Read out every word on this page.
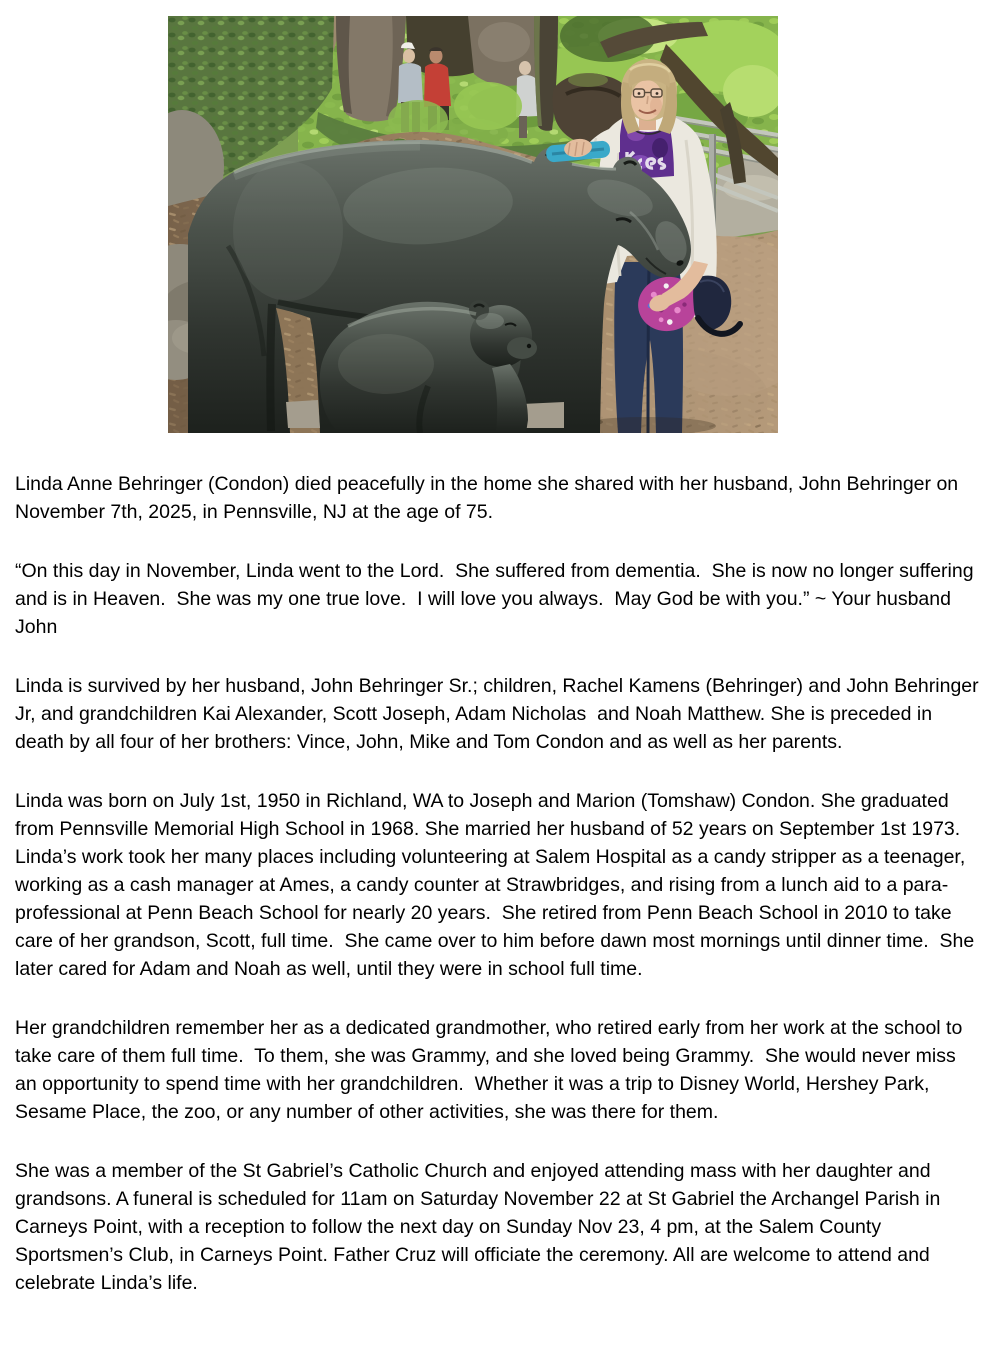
Linda Anne Behringer (Condon) died peacefully in the home she shared with her husband, John Behringer on November 7th, 2025, in Pennsville, NJ at the age of 75.

“On this day in November, Linda went to the Lord.  She suffered from dementia.  She is now no longer suffering and is in Heaven.  She was my one true love.  I will love you always.  May God be with you.” ~ Your husband John

Linda is survived by her husband, John Behringer Sr.; children, Rachel Kamens (Behringer) and John Behringer Jr, and grandchildren Kai Alexander, Scott Joseph, Adam Nicholas  and Noah Matthew. She is preceded in death by all four of her brothers: Vince, John, Mike and Tom Condon and as well as her parents.

Linda was born on July 1st, 1950 in Richland, WA to Joseph and Marion (Tomshaw) Condon. She graduated from Pennsville Memorial High School in 1968. She married her husband of 52 years on September 1st 1973.  Linda’s work took her many places including volunteering at Salem Hospital as a candy stripper as a teenager, working as a cash manager at Ames, a candy counter at Strawbridges, and rising from a lunch aid to a para-professional at Penn Beach School for nearly 20 years.  She retired from Penn Beach School in 2010 to take care of her grandson, Scott, full time.  She came over to him before dawn most mornings until dinner time.  She later cared for Adam and Noah as well, until they were in school full time.

Her grandchildren remember her as a dedicated grandmother, who retired early from her work at the school to take care of them full time.  To them, she was Grammy, and she loved being Grammy.  She would never miss an opportunity to spend time with her grandchildren.  Whether it was a trip to Disney World, Hershey Park, Sesame Place, the zoo, or any number of other activities, she was there for them.

She was a member of the St Gabriel’s Catholic Church and enjoyed attending mass with her daughter and grandsons. A funeral is scheduled for 11am on Saturday November 22 at St Gabriel the Archangel Parish in Carneys Point, with a reception to follow the next day on Sunday Nov 23, 4 pm, at the Salem County Sportsmen’s Club, in Carneys Point. Father Cruz will officiate the ceremony. All are welcome to attend and celebrate Linda’s life.
